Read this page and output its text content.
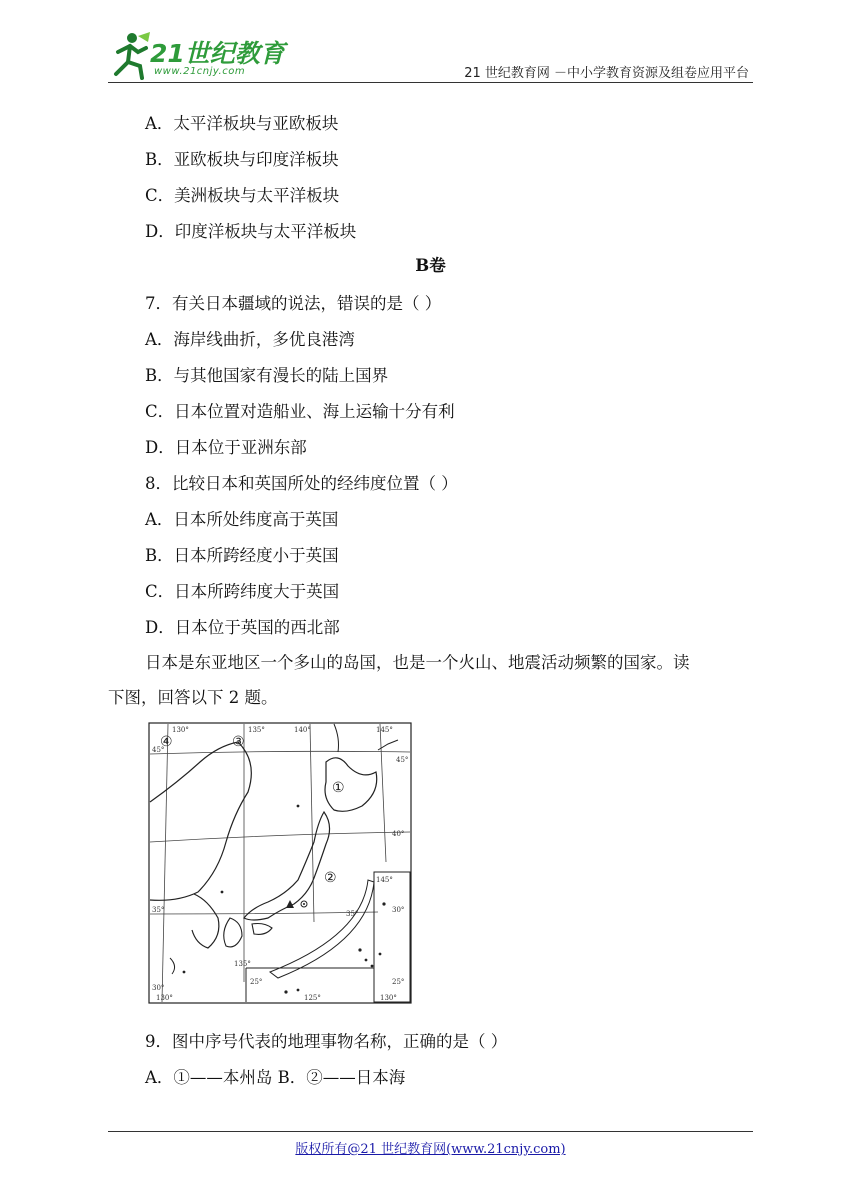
21世纪教育
www.21cnjy.com	21 世纪教育网 －中小学教育资源及组卷应用平台
A．太平洋板块与亚欧板块
B．亚欧板块与印度洋板块
C．美洲板块与太平洋板块
D．印度洋板块与太平洋板块
B卷
7．有关日本疆域的说法，错误的是（ ）
A．海岸线曲折，多优良港湾
B．与其他国家有漫长的陆上国界
C．日本位置对造船业、海上运输十分有利
D．日本位于亚洲东部
8．比较日本和英国所处的经纬度位置（ ）
A．日本所处纬度高于英国
B．日本所跨经度小于英国
C．日本所跨纬度大于英国
D．日本位于英国的西北部
日本是东亚地区一个多山的岛国，也是一个火山、地震活动频繁的国家。读
下图，回答以下 2 题。
④	③
①
②
130°	135°	140°	145°
45°
45°
40°
35°	35°	30°
25°	25°
30°
135°
130°	125°	130°
145°
9．图中序号代表的地理事物名称，正确的是（ ）
A．①——本州岛 B．②——日本海
版权所有@21 世纪教育网(www.21cnjy.com)
